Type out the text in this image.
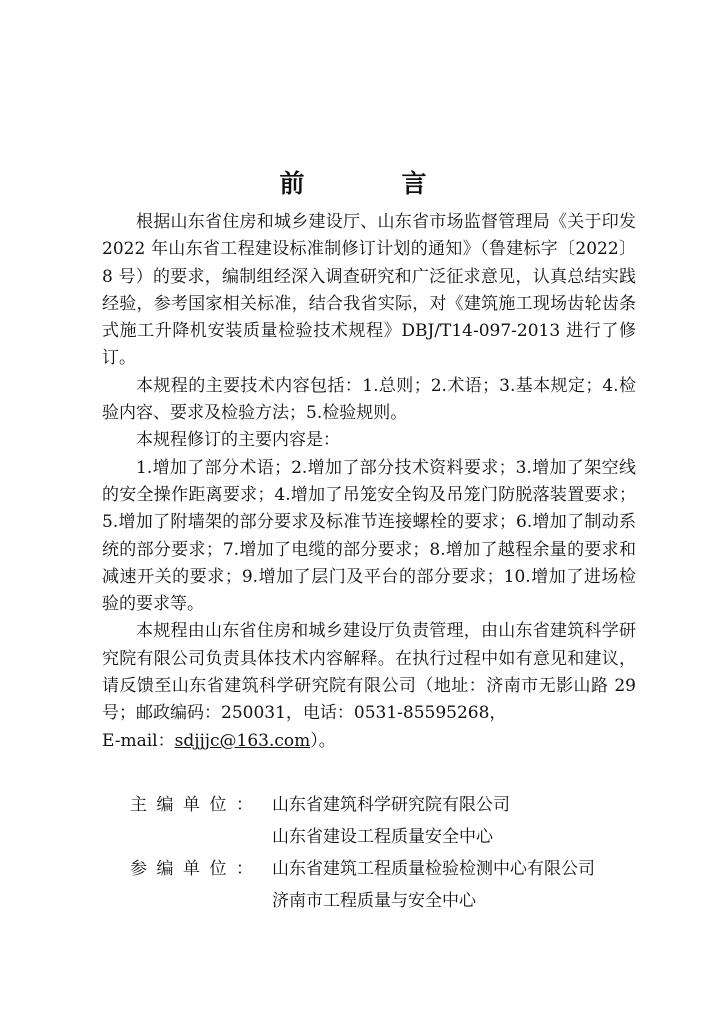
前　言

根据山东省住房和城乡建设厅、山东省市场监督管理局《关于印发 2022 年山东省工程建设标准制修订计划的通知》（鲁建标字〔2022〕8 号）的要求，编制组经深入调查研究和广泛征求意见，认真总结实践经验，参考国家相关标准，结合我省实际，对《建筑施工现场齿轮齿条式施工升降机安装质量检验技术规程》DBJ/T14-097-2013 进行了修订。

本规程的主要技术内容包括：1.总则；2.术语；3.基本规定；4.检验内容、要求及检验方法；5.检验规则。

本规程修订的主要内容是：

1.增加了部分术语；2.增加了部分技术资料要求；3.增加了架空线的安全操作距离要求；4.增加了吊笼安全钩及吊笼门防脱落装置要求；5.增加了附墙架的部分要求及标准节连接螺栓的要求；6.增加了制动系统的部分要求；7.增加了电缆的部分要求；8.增加了越程余量的要求和减速开关的要求；9.增加了层门及平台的部分要求；10.增加了进场检验的要求等。

本规程由山东省住房和城乡建设厅负责管理，由山东省建筑科学研究院有限公司负责具体技术内容解释。在执行过程中如有意见和建议，请反馈至山东省建筑科学研究院有限公司（地址：济南市无影山路 29 号；邮政编码：250031，电话：0531-85595268，

E-mail：sdjjjc@163.com）。

主编单位： 山东省建筑科学研究院有限公司
山东省建设工程质量安全中心
参编单位： 山东省建筑工程质量检验检测中心有限公司
济南市工程质量与安全中心
